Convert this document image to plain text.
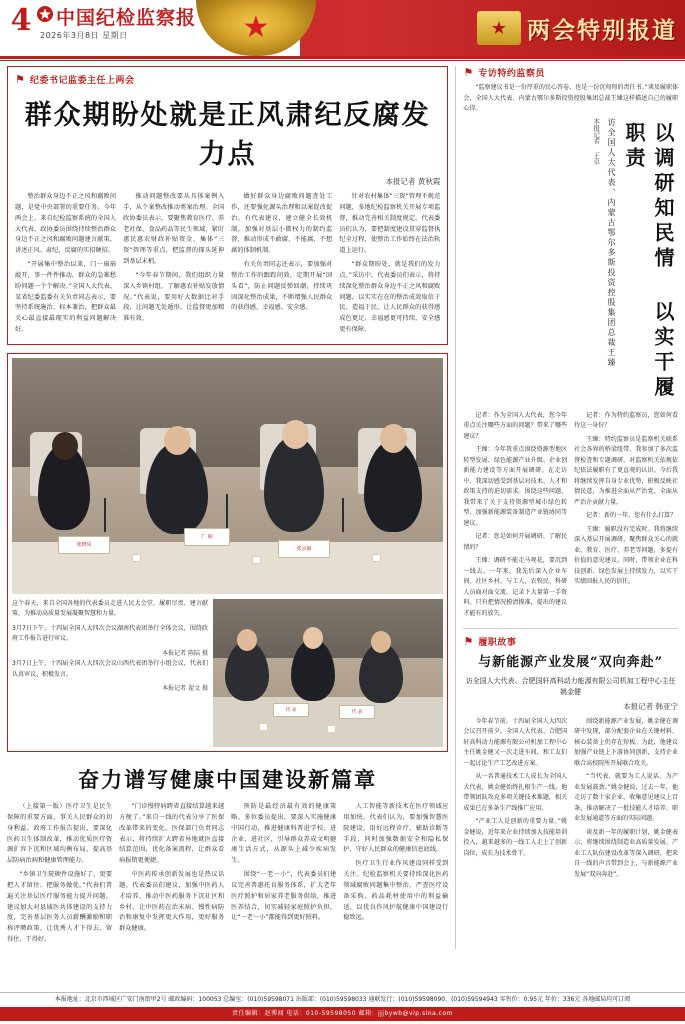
4 中国纪检监察报
2026年3月8日 星期日	★	★ 两会特别报道
⚑ 纪委书记监委主任上两会
群众期盼处就是正风肃纪反腐发力点
本报记者 黄秋霞

整治群众身边不正之风和腐败问题，是党中央部署的重要任务。今年两会上，来自纪检监察系统的全国人大代表、政协委员围绕持续整治群众身边不正之风和腐败问题建言献策，讲述正风、肃纪、反腐的实招硬招。

“开展集中整治以来，门一扇扇敲开，事一件件推动，群众的急难愁盼问题一个个解决。”全国人大代表、某省纪委监委有关负责同志表示，要坚持系统施治、标本兼治，把群众最关心最直接最现实的利益问题解决好。

推动问题整改要从具体案例入手，从个案整改推动类案治理。全国政协委员表示，要聚焦教育医疗、养老社保、食品药品等民生领域，紧盯惠民惠农财政补贴资金、集体“三资”管理等重点，把监督的探头延伸到基层末梢。

“今年春节期间，我们组织力量深入乡镇村组，了解惠农补贴发放情况。”代表说，要用好大数据比对手段，让问题无处遁形，让监督更加精准有效。

做好群众身边腐败问题查处工作，还要强化源头治理和以案促改促治。有代表建议，建立健全长效机制，加强对基层小微权力的制约监督，推动形成不敢腐、不能腐、不想腐的体制机制。

有关负责同志还表示，要加强对整治工作的跟踪问效，定期开展“回头看”，防止问题反弹回潮，持续巩固深化整治成果，不断增强人民群众的获得感、幸福感、安全感。

针对农村集体“三资”管理不规范问题，多地纪检监察机关开展专项监督，推动完善相关制度规定。代表委员们认为，要把制度建设贯穿监督执纪全过程，使整治工作始终在法治轨道上运行。

“群众期盼处，就是我们的发力点。”采访中，代表委员们表示，将持续深化整治群众身边不正之风和腐败问题，以实实在在的整治成效取信于民、造福于民，让人民群众的获得感成色更足、幸福感更可持续、安全感更有保障。

张晓凤
广 丽
张京丽

这个春天，来自全国各地的代表委员走进人民大会堂，履职尽责、建言献策，为推动高质量发展凝聚智慧和力量。

3月7日下午，十四届全国人大四次会议湖南代表团举行全体会议，围绕政府工作报告进行审议。

本报记者 陈陆 摄

3月7日上午，十四届全国人大四次会议山西代表团举行小组会议，代表们认真审议、积极发言。

本报记者 翟文 摄
代 表	代 表
奋力谱写健康中国建设新篇章

（上接第一版）医疗卫生是民生保障的重要方面，事关人民群众的切身利益。政府工作报告提出，要深化医药卫生体制改革，推动优质医疗资源扩容下沉和区域均衡布局，提高基层防病治病和健康管理能力。

“乡镇卫生院硬件设施好了，更要把人才留住、把服务做优。”代表们普遍关注基层医疗服务能力提升问题，建议加大对县域医共体建设的支持力度，完善基层医务人员薪酬激励和职称评聘政策，让优秀人才下得去、留得住、干得好。

“门诊慢特病跨省直接结算越来越方便了。”来自一线的代表分享了医保改革带来的变化。医保部门负责同志表示，将持续扩大跨省异地就医直接结算范围，优化备案流程，让群众看病报销更便捷。

中医药传承创新发展也是热议话题。代表委员们建议，加强中医药人才培养，推动中医药服务下沉社区和乡村，让中医药在治未病、慢性病防治和康复中发挥更大作用，更好服务群众健康。

预防是最经济最有效的健康策略。多位委员提出，要深入实施健康中国行动，推进健康科普进学校、进企业、进社区，引导群众养成文明健康生活方式，从源头上减少疾病发生。

围绕“一老一小”，代表委员们建议完善普惠托育服务体系，扩大老年医疗照护和居家养老服务供给，推进医养结合，切实减轻家庭照护负担，让“一老一小”都能得到更好照料。

人工智能等新技术在医疗领域应用加快。代表们认为，要加强智慧医院建设，用好远程诊疗、辅助诊断等手段，同时加强数据安全和隐私保护，守好人民群众的健康信息底线。

医疗卫生行业作风建设同样受到关注。纪检监察机关要持续深化医药领域腐败问题集中整治，严查医疗设备采购、药品耗材使用中的利益输送，以优良作风护航健康中国建设行稳致远。

⚑ 专访特约监察员

“监察建议书是一份厚重的民心答卷，也是一份沉甸甸的责任书。”谈及履职体会，全国人大代表、内蒙古鄂尔多斯投资控股集团总裁王臻这样描述自己的履职心得。

以调研知民情 以实干履职责
访全国人大代表、内蒙古鄂尔多斯投资控股集团总裁王臻
本报记者 王卓

记者：作为全国人大代表，您今年重点关注哪些方面的问题？带来了哪些建议？

王臻：今年我重点围绕资源型地区转型发展、绿色能源产业升级、企业创新能力建设等方面开展调研。在走访中，我深切感受到基层对技术、人才和政策支持的迫切需求。围绕这些问题，我带来了关于支持资源型城市绿色转型、加强新能源装备制造产业链协同等建议。

记者：您是如何开展调研、了解民情的？

王臻：调研不能走马观花，要沉到一线去。一年来，我先后深入企业车间、社区乡村，与工人、农牧民、科研人员面对面交流，记录下大量第一手资料。只有把情况摸清摸准，提出的建议才能有的放矢。

记者：作为特约监察员，您如何看待这一身份？

王臻：特约监察员是监察机关联系社会各界的桥梁纽带。我参加了多次监督检查和专题调研，对监察机关依规依纪依法履职有了更直观的认识。今后我将继续发挥自身专业优势，积极反映社情民意，为推进全面从严治党、全面从严治企贡献力量。

记者：新的一年，您有什么打算？

王臻：履职没有完成时。我将继续深入基层开展调研，聚焦群众关心的就业、教育、医疗、养老等问题，多提有价值的意见建议。同时，带领企业在科技创新、绿色发展上持续发力，以实干实绩回报人民的信任。

⚑ 履职故事
与新能源产业发展“双向奔赴”
访全国人大代表、合肥国轩高科动力能源有限公司机加工程中心主任姚金健
本报记者 韩亚宁

今年春节前，十四届全国人大四次会议召开前夕，全国人大代表、合肥国轩高科动力能源有限公司机加工程中心主任姚金健又一次走进车间，和工友们一起讨论生产工艺改进方案。

从一名普通技术工人成长为全国人大代表，姚金健始终扎根生产一线。他带领团队攻克多项关键技术难题，相关成果已在多条生产线推广应用。

“产业工人是创新的重要力量。”姚金健说，近年来企业持续加大技能培训投入，越来越多的一线工人走上了创新岗位，成长为技术骨干。

围绕新能源产业发展，姚金健在调研中发现，部分配套企业在关键材料、核心装备上仍存在短板。为此，他建议加强产业链上下游协同创新，支持企业联合高校院所开展联合攻关。

“当代表，就要为工人说话、为产业发展鼓劲。”姚金健说，过去一年，他走访了数十家企业，收集意见建议上百条，推动解决了一批技能人才培养、职业发展通道等方面的实际问题。

谈及新一年的履职计划，姚金健表示，将继续围绕制造业高质量发展、产业工人队伍建设改革等深入调研，把来自一线的声音带到会上，与新能源产业发展“双向奔赴”。

本报地址：北京市西城区广安门南街甲2号 邮政编码：100053 总编室：(010)59598071 出版部：(010)59598033 通联发行：(010)59598090、(010)59594943 零售价：0.95元 年价：336元 各地邮局均可订阅
责任编辑：赵博闻 电话：010-59598050 邮箱：jjjbywb@vip.sina.com
